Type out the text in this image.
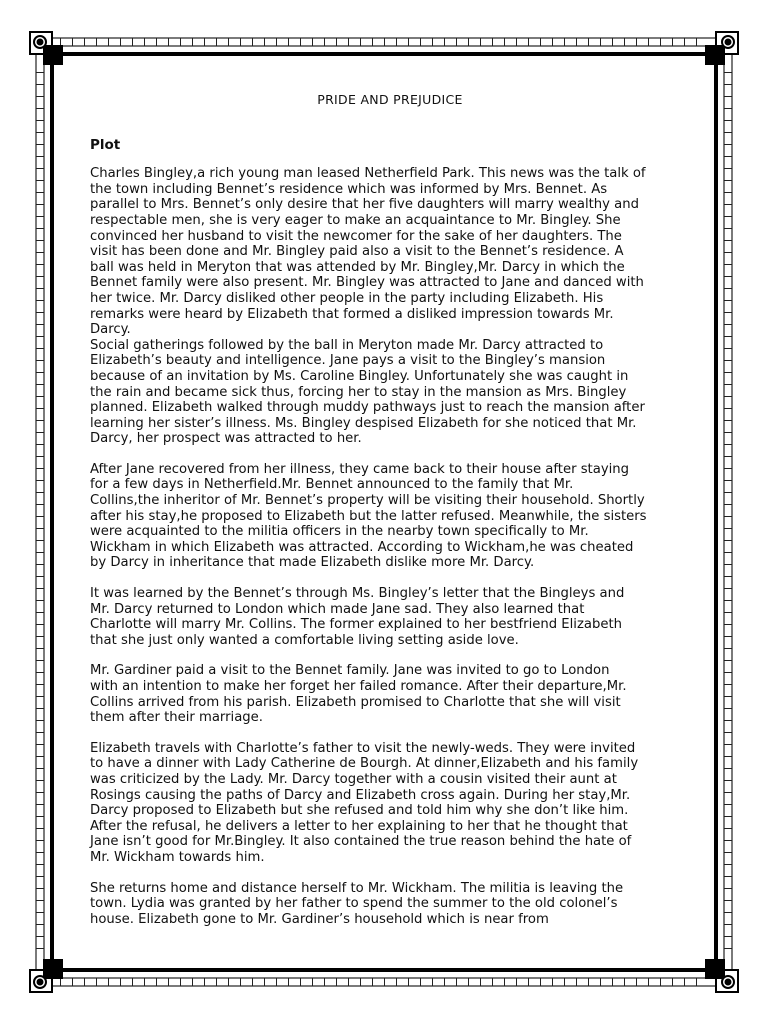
PRIDE AND PREJUDICE
Plot

Charles Bingley,a rich young man leased Netherfield Park. This news was the talk of
the town including Bennet’s residence which was informed by Mrs. Bennet. As
parallel to Mrs. Bennet’s only desire that her five daughters will marry wealthy and
respectable men, she is very eager to make an acquaintance to Mr. Bingley. She
convinced her husband to visit the newcomer for the sake of her daughters. The
visit has been done and Mr. Bingley paid also a visit to the Bennet’s residence. A
ball was held in Meryton that was attended by Mr. Bingley,Mr. Darcy in which the
Bennet family were also present. Mr. Bingley was attracted to Jane and danced with
her twice. Mr. Darcy disliked other people in the party including Elizabeth. His
remarks were heard by Elizabeth that formed a disliked impression towards Mr.
Darcy.

Social gatherings followed by the ball in Meryton made Mr. Darcy attracted to
Elizabeth’s beauty and intelligence. Jane pays a visit to the Bingley’s mansion
because of an invitation by Ms. Caroline Bingley. Unfortunately she was caught in
the rain and became sick thus, forcing her to stay in the mansion as Mrs. Bingley
planned. Elizabeth walked through muddy pathways just to reach the mansion after
learning her sister’s illness. Ms. Bingley despised Elizabeth for she noticed that Mr.
Darcy, her prospect was attracted to her.

After Jane recovered from her illness, they came back to their house after staying
for a few days in Netherfield.Mr. Bennet announced to the family that Mr.
Collins,the inheritor of Mr. Bennet’s property will be visiting their household. Shortly
after his stay,he proposed to Elizabeth but the latter refused. Meanwhile, the sisters
were acquainted to the militia officers in the nearby town specifically to Mr.
Wickham in which Elizabeth was attracted. According to Wickham,he was cheated
by Darcy in inheritance that made Elizabeth dislike more Mr. Darcy.

It was learned by the Bennet’s through Ms. Bingley’s letter that the Bingleys and
Mr. Darcy returned to London which made Jane sad. They also learned that
Charlotte will marry Mr. Collins. The former explained to her bestfriend Elizabeth
that she just only wanted a comfortable living setting aside love.

Mr. Gardiner paid a visit to the Bennet family. Jane was invited to go to London
with an intention to make her forget her failed romance. After their departure,Mr.
Collins arrived from his parish. Elizabeth promised to Charlotte that she will visit
them after their marriage.

Elizabeth travels with Charlotte’s father to visit the newly-weds. They were invited
to have a dinner with Lady Catherine de Bourgh. At dinner,Elizabeth and his family
was criticized by the Lady. Mr. Darcy together with a cousin visited their aunt at
Rosings causing the paths of Darcy and Elizabeth cross again. During her stay,Mr.
Darcy proposed to Elizabeth but she refused and told him why she don’t like him.
After the refusal, he delivers a letter to her explaining to her that he thought that
Jane isn’t good for Mr.Bingley. It also contained the true reason behind the hate of
Mr. Wickham towards him.

She returns home and distance herself to Mr. Wickham. The militia is leaving the
town. Lydia was granted by her father to spend the summer to the old colonel’s
house. Elizabeth gone to Mr. Gardiner’s household which is near from
